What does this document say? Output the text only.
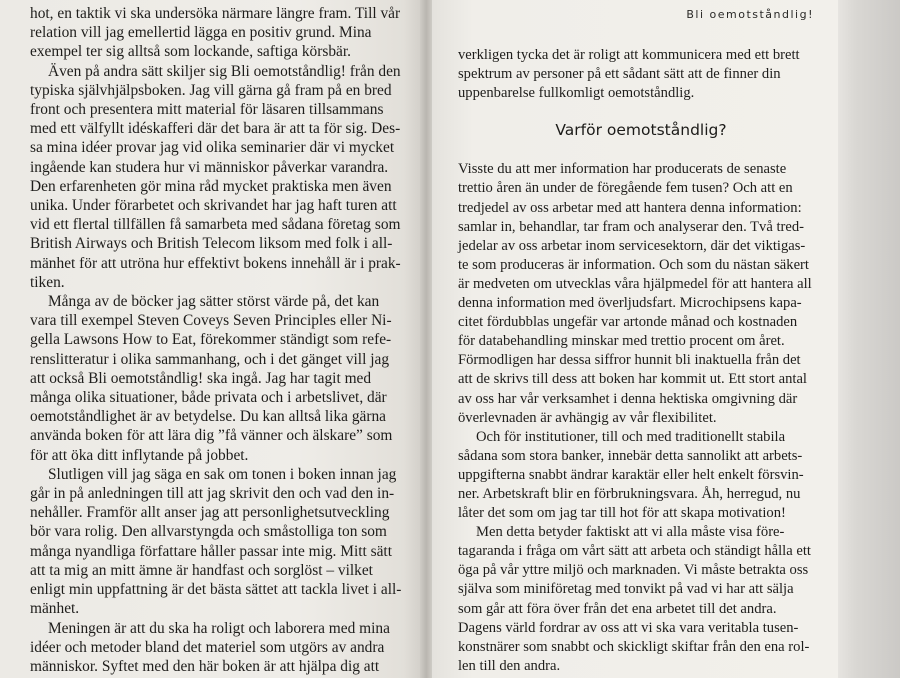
hot, en taktik vi ska undersöka närmare längre fram. Till vår
relation vill jag emellertid lägga en positiv grund. Mina
exempel ter sig alltså som lockande, saftiga körsbär.
Även på andra sätt skiljer sig Bli oemotståndlig! från den
typiska självhjälpsboken. Jag vill gärna gå fram på en bred
front och presentera mitt material för läsaren tillsammans
med ett välfyllt idéskafferi där det bara är att ta för sig. Des-
sa mina idéer provar jag vid olika seminarier där vi mycket
ingående kan studera hur vi människor påverkar varandra.
Den erfarenheten gör mina råd mycket praktiska men även
unika. Under förarbetet och skrivandet har jag haft turen att
vid ett flertal tillfällen få samarbeta med sådana företag som
British Airways och British Telecom liksom med folk i all-
mänhet för att utröna hur effektivt bokens innehåll är i prak-
tiken.
Många av de böcker jag sätter störst värde på, det kan
vara till exempel Steven Coveys Seven Principles eller Ni-
gella Lawsons How to Eat, förekommer ständigt som refe-
renslitteratur i olika sammanhang, och i det gänget vill jag
att också Bli oemotståndlig! ska ingå. Jag har tagit med
många olika situationer, både privata och i arbetslivet, där
oemotståndlighet är av betydelse. Du kan alltså lika gärna
använda boken för att lära dig ”få vänner och älskare” som
för att öka ditt inflytande på jobbet.
Slutligen vill jag säga en sak om tonen i boken innan jag
går in på anledningen till att jag skrivit den och vad den in-
nehåller. Framför allt anser jag att personlighetsutveckling
bör vara rolig. Den allvarstyngda och småstolliga ton som
många nyandliga författare håller passar inte mig. Mitt sätt
att ta mig an mitt ämne är handfast och sorglöst – vilket
enligt min uppfattning är det bästa sättet att tackla livet i all-
mänhet.
Meningen är att du ska ha roligt och laborera med mina
idéer och metoder bland det materiel som utgörs av andra
människor. Syftet med den här boken är att hjälpa dig att
Bli oemotståndlig!
verkligen tycka det är roligt att kommunicera med ett brett
spektrum av personer på ett sådant sätt att de finner din
uppenbarelse fullkomligt oemotståndlig.
Varför oemotståndlig?
Visste du att mer information har producerats de senaste
trettio åren än under de föregående fem tusen? Och att en
tredjedel av oss arbetar med att hantera denna information:
samlar in, behandlar, tar fram och analyserar den. Två tred-
jedelar av oss arbetar inom servicesektorn, där det viktigas-
te som produceras är information. Och som du nästan säkert
är medveten om utvecklas våra hjälpmedel för att hantera all
denna information med överljudsfart. Microchipsens kapa-
citet fördubblas ungefär var artonde månad och kostnaden
för databehandling minskar med trettio procent om året.
Förmodligen har dessa siffror hunnit bli inaktuella från det
att de skrivs till dess att boken har kommit ut. Ett stort antal
av oss har vår verksamhet i denna hektiska omgivning där
överlevnaden är avhängig av vår flexibilitet.
Och för institutioner, till och med traditionellt stabila
sådana som stora banker, innebär detta sannolikt att arbets-
uppgifterna snabbt ändrar karaktär eller helt enkelt försvin-
ner. Arbetskraft blir en förbrukningsvara. Åh, herregud, nu
låter det som om jag tar till hot för att skapa motivation!
Men detta betyder faktiskt att vi alla måste visa före-
tagaranda i fråga om vårt sätt att arbeta och ständigt hålla ett
öga på vår yttre miljö och marknaden. Vi måste betrakta oss
själva som miniföretag med tonvikt på vad vi har att sälja
som går att föra över från det ena arbetet till det andra.
Dagens värld fordrar av oss att vi ska vara veritabla tusen-
konstnärer som snabbt och skickligt skiftar från den ena rol-
len till den andra.
